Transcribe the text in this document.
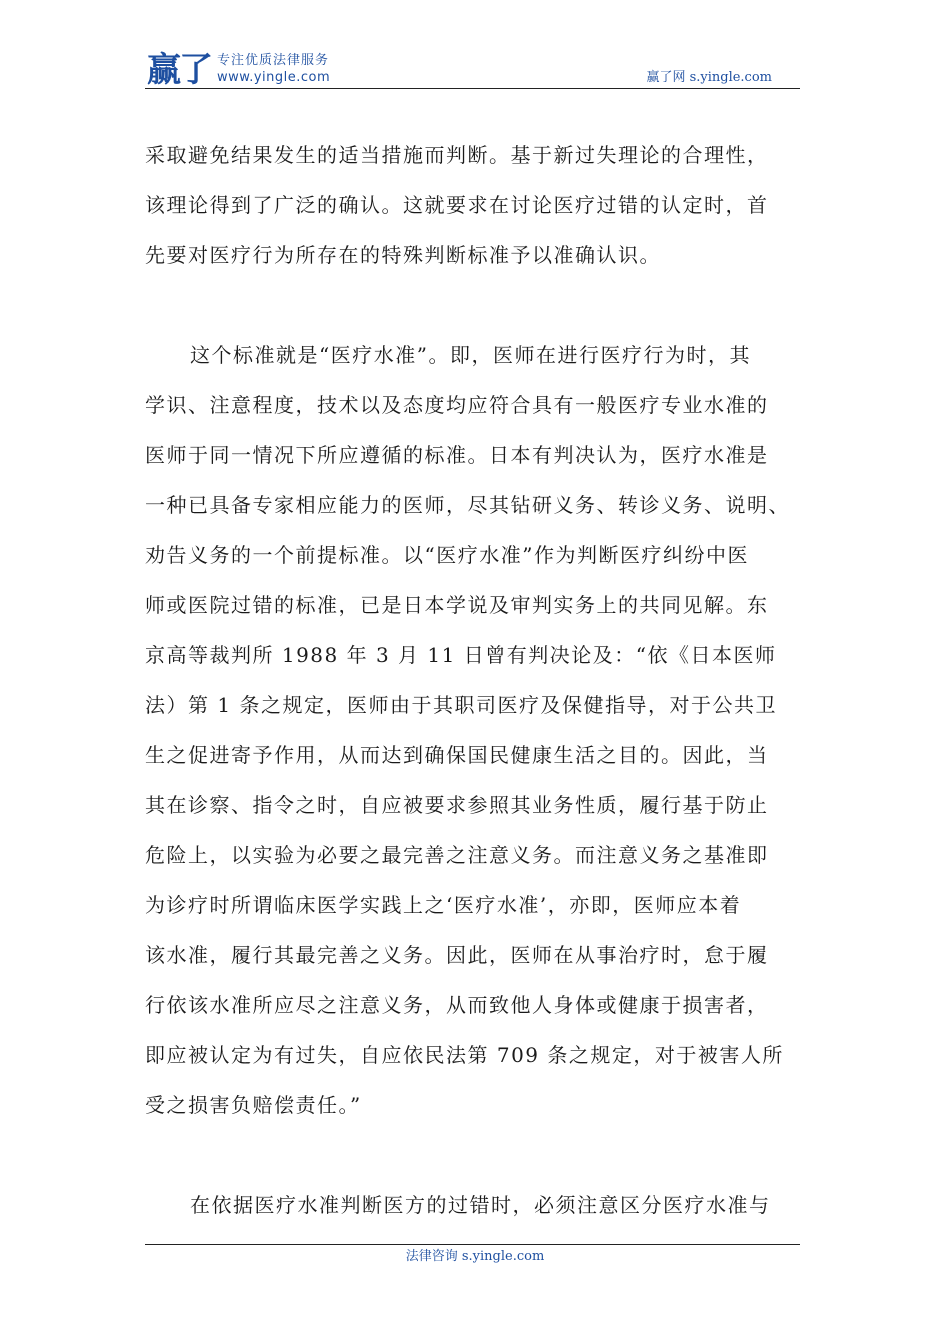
赢了 专注优质法律服务
www.yingle.com	赢了网 s.yingle.com
采取避免结果发生的适当措施而判断。基于新过失理论的合理性，
该理论得到了广泛的确认。这就要求在讨论医疗过错的认定时，首
先要对医疗行为所存在的特殊判断标准予以准确认识。
这个标准就是“医疗水准”。即，医师在进行医疗行为时，其
学识、注意程度，技术以及态度均应符合具有一般医疗专业水准的
医师于同一情况下所应遵循的标准。日本有判决认为，医疗水准是
一种已具备专家相应能力的医师，尽其钻研义务、转诊义务、说明、
劝告义务的一个前提标准。以“医疗水准”作为判断医疗纠纷中医
师或医院过错的标准，已是日本学说及审判实务上的共同见解。东
京高等裁判所 1988 年 3 月 11 日曾有判决论及：“依《日本医师
法）第 1 条之规定，医师由于其职司医疗及保健指导，对于公共卫
生之促进寄予作用，从而达到确保国民健康生活之目的。因此，当
其在诊察、指令之时，自应被要求参照其业务性质，履行基于防止
危险上，以实验为必要之最完善之注意义务。而注意义务之基准即
为诊疗时所谓临床医学实践上之‘医疗水准’，亦即，医师应本着
该水准，履行其最完善之义务。因此，医师在从事治疗时，怠于履
行依该水准所应尽之注意义务，从而致他人身体或健康于损害者，
即应被认定为有过失，自应依民法第 709 条之规定，对于被害人所
受之损害负赔偿责任。”
在依据医疗水准判断医方的过错时，必须注意区分医疗水准与
法律咨询 s.yingle.com
